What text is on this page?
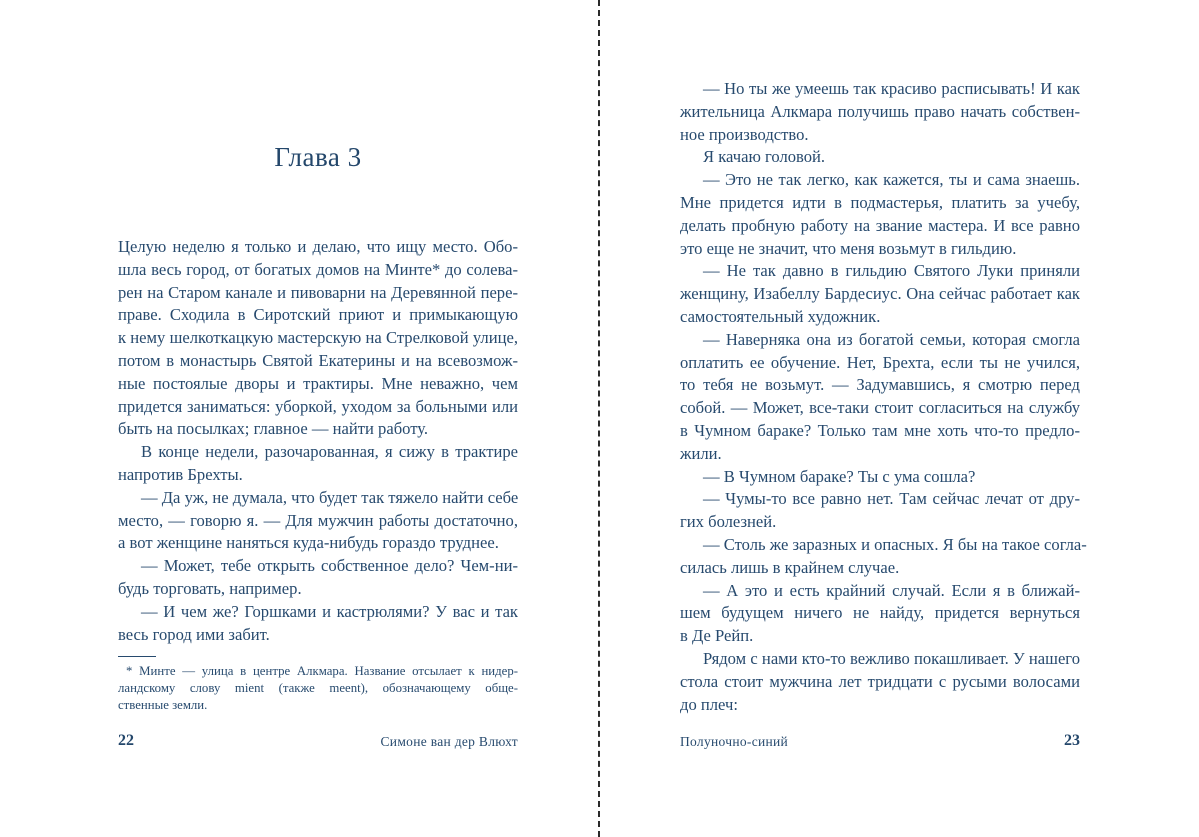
Глава 3
Целую неделю я только и делаю, что ищу место. Обо-
шла весь город, от богатых домов на Минте* до солева-
рен на Старом канале и пивоварни на Деревянной пере-
праве. Сходила в Сиротский приют и примыкающую
к нему шелкоткацкую мастерскую на Стрелковой улице,
потом в монастырь Святой Екатерины и на всевозмож-
ные постоялые дворы и трактиры. Мне неважно, чем
придется заниматься: уборкой, уходом за больными или
быть на посылках; главное — найти работу.
В конце недели, разочарованная, я сижу в трактире
напротив Брехты.
— Да уж, не думала, что будет так тяжело найти себе
место, — говорю я. — Для мужчин работы достаточно,
а вот женщине наняться куда-нибудь гораздо труднее.
— Может, тебе открыть собственное дело? Чем-ни-
будь торговать, например.
— И чем же? Горшками и кастрюлями? У вас и так
весь город ими забит.
* Минте — улица в центре Алкмара. Название отсылает к нидер-
ландскому слову mient (также meent), обозначающему обще-
ственные земли.
22	Симоне ван дер Влюхт
— Но ты же умеешь так красиво расписывать! И как
жительница Алкмара получишь право начать собствен-
ное производство.
Я качаю головой.
— Это не так легко, как кажется, ты и сама знаешь.
Мне придется идти в подмастерья, платить за учебу,
делать пробную работу на звание мастера. И все равно
это еще не значит, что меня возьмут в гильдию.
— Не так давно в гильдию Святого Луки приняли
женщину, Изабеллу Бардесиус. Она сейчас работает как
самостоятельный художник.
— Наверняка она из богатой семьи, которая смогла
оплатить ее обучение. Нет, Брехта, если ты не учился,
то тебя не возьмут. — Задумавшись, я смотрю перед
собой. — Может, все-таки стоит согласиться на службу
в Чумном бараке? Только там мне хоть что-то предло-
жили.
— В Чумном бараке? Ты с ума сошла?
— Чумы-то все равно нет. Там сейчас лечат от дру-
гих болезней.
— Столь же заразных и опасных. Я бы на такое согла-
силась лишь в крайнем случае.
— А это и есть крайний случай. Если я в ближай-
шем будущем ничего не найду, придется вернуться
в Де Рейп.
Рядом с нами кто-то вежливо покашливает. У нашего
стола стоит мужчина лет тридцати с русыми волосами
до плеч:
Полуночно-синий	23
